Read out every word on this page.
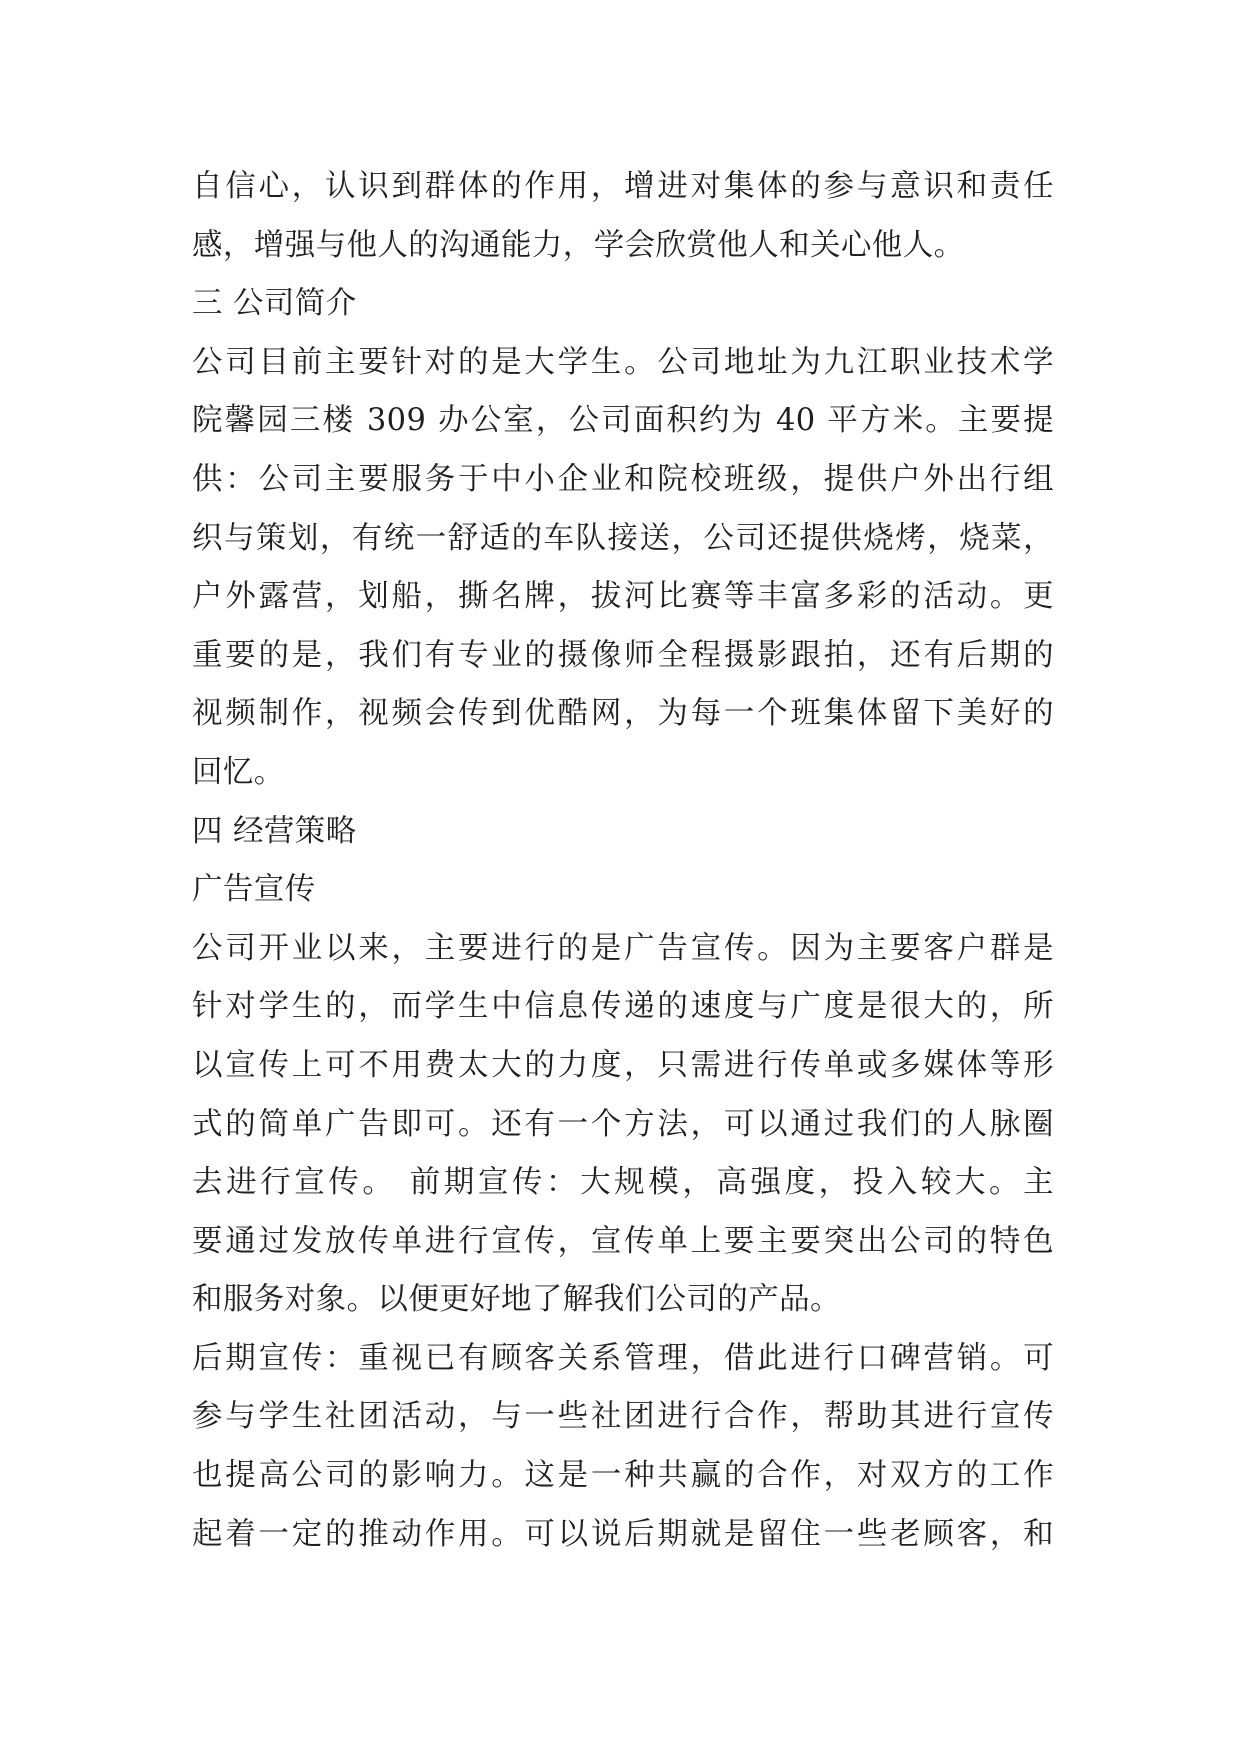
自信心，认识到群体的作用，增进对集体的参与意识和责任
感，增强与他人的沟通能力，学会欣赏他人和关心他人。
三 公司简介
公司目前主要针对的是大学生。公司地址为九江职业技术学
院馨园三楼 309 办公室，公司面积约为 40 平方米。主要提
供：公司主要服务于中小企业和院校班级，提供户外出行组
织与策划，有统一舒适的车队接送，公司还提供烧烤，烧菜，
户外露营，划船，撕名牌，拔河比赛等丰富多彩的活动。更
重要的是，我们有专业的摄像师全程摄影跟拍，还有后期的
视频制作，视频会传到优酷网，为每一个班集体留下美好的
回忆。
四 经营策略
广告宣传
公司开业以来，主要进行的是广告宣传。因为主要客户群是
针对学生的，而学生中信息传递的速度与广度是很大的，所
以宣传上可不用费太大的力度，只需进行传单或多媒体等形
式的简单广告即可。还有一个方法，可以通过我们的人脉圈
去进行宣传。 前期宣传：大规模，高强度，投入较大。主
要通过发放传单进行宣传，宣传单上要主要突出公司的特色
和服务对象。以便更好地了解我们公司的产品。
后期宣传：重视已有顾客关系管理，借此进行口碑营销。可
参与学生社团活动，与一些社团进行合作，帮助其进行宣传
也提高公司的影响力。这是一种共赢的合作，对双方的工作
起着一定的推动作用。可以说后期就是留住一些老顾客，和
